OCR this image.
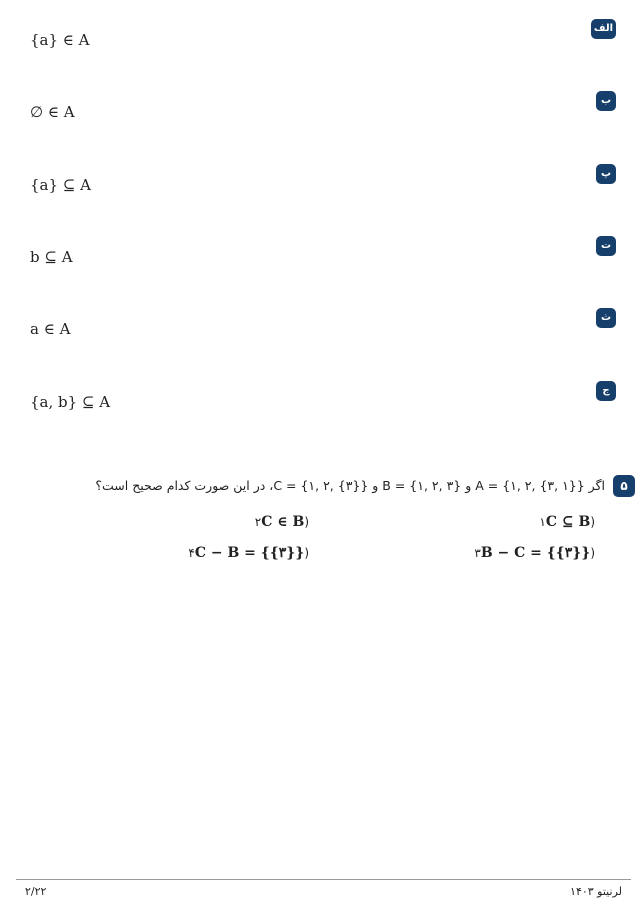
الف
{a} ∈ A
ب
∅ ∈ A
پ
{a} ⊆ A
ت
b ⊆ A
ث
a ∈ A
ج
{a, b} ⊆ A
۵
اگر A = {۱, ۲, {۳, ۱}} و B = {۱, ۲, ۳} و C = {۱, ۲, {۳}}، در این صورت کدام صحیح است؟
(۱C ⊆ B
(۲C ∈ B
(۳B − C = {{۳}}
(۴C − B = {{۳}}
لرنیتو ۱۴۰۳
۲/۲۲
